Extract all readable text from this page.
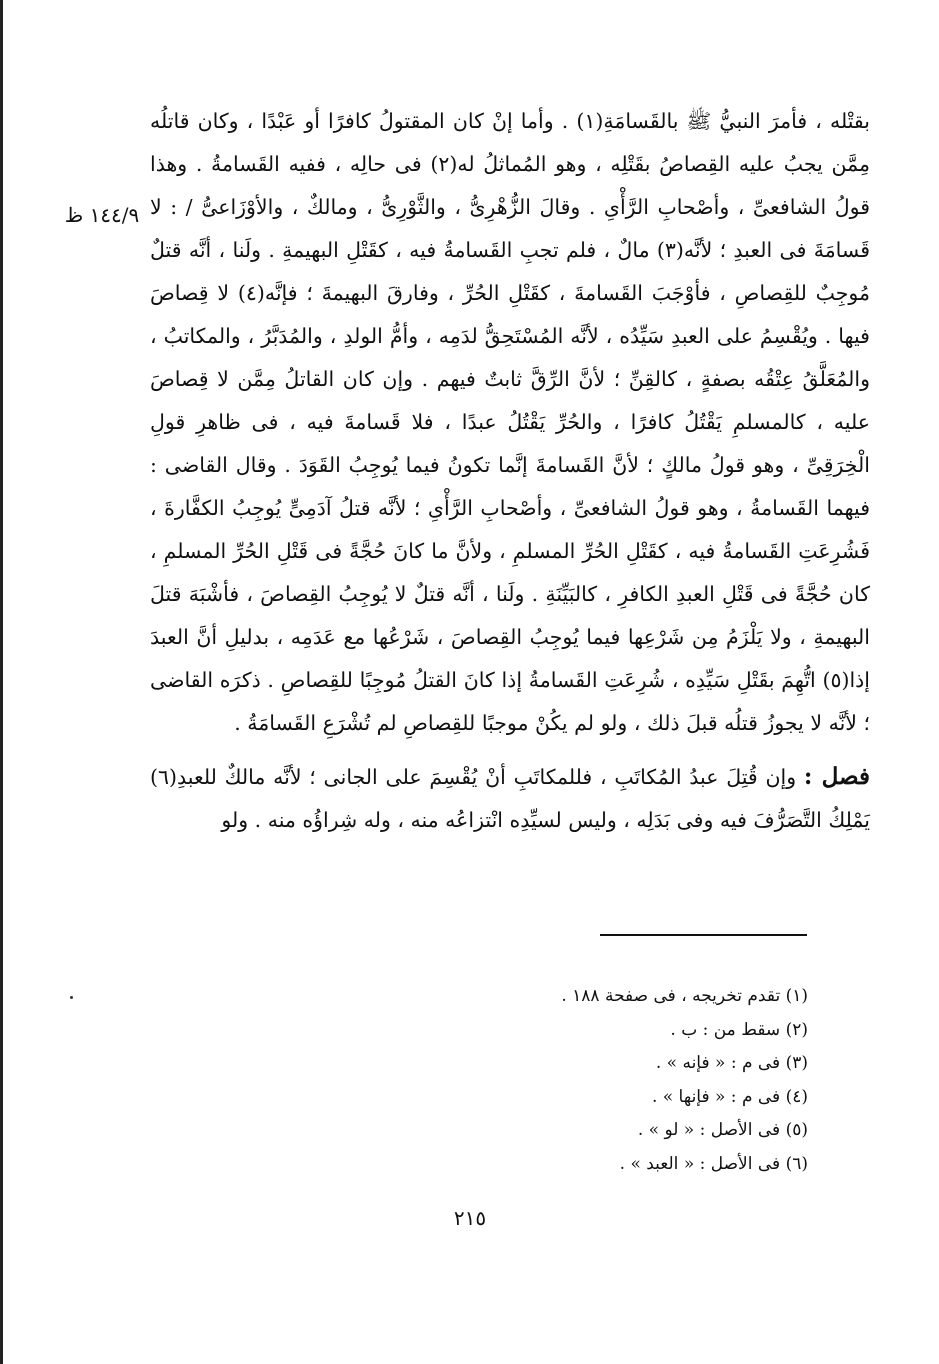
١٤٤/٩ ظ

بقتْله ، فأمرَ النبيُّ ﷺ بالقَسامَةِ(١) . وأما إنْ كان المقتولُ كافرًا أو عَبْدًا ، وكان قاتلُه مِمَّن يجبُ عليه القِصاصُ بقَتْلِه ، وهو المُماثلُ له(٢) فى حالِه ، ففيه القَسامةُ . وهذا قولُ الشافعىِّ ، وأصْحابِ الرَّأْىِ . وقالَ الزُّهْرِىُّ ، والثَّوْرِىُّ ، ومالكٌ ، والأوْزَاعىُّ / : لا قَسامَةَ فى العبدِ ؛ لأنَّه(٣) مالٌ ، فلم تجبِ القَسامةُ فيه ، كقَتْلِ البهيمةِ . ولَنا ، أنَّه قتلٌ مُوجِبٌ للقِصاصِ ، فأوْجَبَ القَسامةَ ، كقَتْلِ الحُرِّ ، وفارقَ البهيمةَ ؛ فإنَّه(٤) لا قِصاصَ فيها . ويُقْسِمُ على العبدِ سَيِّدُه ، لأنَّه المُسْتَحِقُّ لدَمِه ، وأمُّ الولدِ ، والمُدَبَّرُ ، والمكاتبُ ، والمُعَلَّقُ عِتْقُه بصفةٍ ، كالقِنِّ ؛ لأنَّ الرِّقَّ ثابتٌ فيهم . وإن كان القاتلُ مِمَّن لا قِصاصَ عليه ، كالمسلمِ يَقْتُلُ كافرًا ، والحُرِّ يَقْتُلُ عبدًا ، فلا قَسامةَ فيه ، فى ظاهرِ قولِ الْخِرَقِىِّ ، وهو قولُ مالكٍ ؛ لأنَّ القَسامةَ إنَّما تكونُ فيما يُوجِبُ القَوَدَ . وقال القاضى : فيهما القَسامةُ ، وهو قولُ الشافعىِّ ، وأصْحابِ الرَّأْىِ ؛ لأنَّه قتلُ آدَمِىٍّ يُوجِبُ الكفَّارةَ ، فَشُرِعَتِ القَسامةُ فيه ، كقَتْلِ الحُرِّ المسلمِ ، ولأنَّ ما كانَ حُجَّةً فى قَتْلِ الحُرِّ المسلمِ ، كان حُجَّةً فى قَتْلِ العبدِ الكافرِ ، كالبَيِّنَةِ . ولَنا ، أنَّه قتلٌ لا يُوجِبُ القِصاصَ ، فأشْبَهَ قتلَ البهيمةِ ، ولا يَلْزَمُ مِن شَرْعِها فيما يُوجِبُ القِصاصَ ، شَرْعُها مع عَدَمِه ، بدليلِ أنَّ العبدَ إذا(٥) اتُّهِمَ بقَتْلِ سَيِّدِه ، شُرِعَتِ القَسامةُ إذا كانَ القتلُ مُوجِبًا للقِصاصِ . ذكرَه القاضى ؛ لأنَّه لا يجوزُ قتلُه قبلَ ذلك ، ولو لم يكُنْ موجبًا للقِصاصِ لم تُشْرَعِ القَسامَةُ .

فصل : وإن قُتِلَ عبدُ المُكاتَبِ ، فللمكاتَبِ أنْ يُقْسِمَ على الجانى ؛ لأنَّه مالكٌ للعبدِ(٦) يَمْلِكُ التَّصَرُّفَ فيه وفى بَدَلِه ، وليس لسيِّدِه انْتزاعُه منه ، وله شِراؤُه منه . ولو

(١) تقدم تخريجه ، فى صفحة ١٨٨ .
(٢) سقط من : ب .
(٣) فى م : « فإنه » .
(٤) فى م : « فإنها » .
(٥) فى الأصل : « لو » .
(٦) فى الأصل : « العبد » .
٢١٥
